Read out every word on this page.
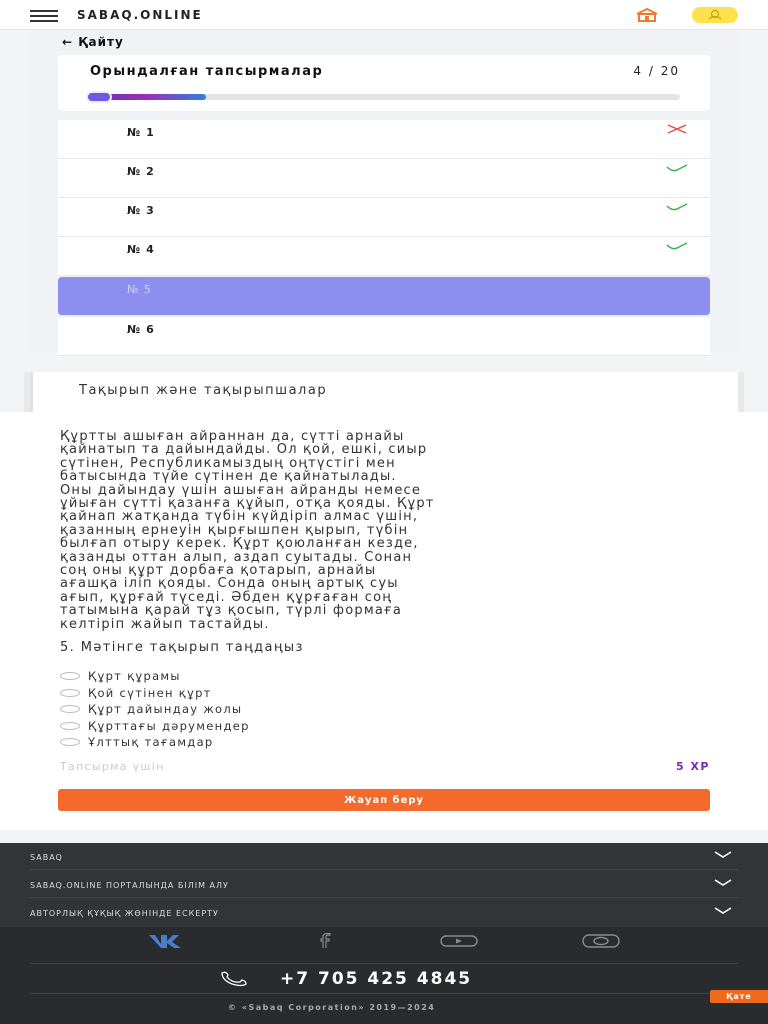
SABAQ.ONLINE
← Қайту
Орындалған тапсырмалар	4 / 20
№ 1
№ 2
№ 3
№ 4
№ 5
№ 6
Тақырып және тақырыпшалар
Құртты ашыған айраннан да, сүтті арнайы
қайнатып та дайындайды. Ол қой, ешкі, сиыр
сүтінен, Республикамыздың оңтүстігі мен
батысында түйе сүтінен де қайнатылады.
Оны дайындау үшін ашыған айранды немесе
ұйыған сүтті қазанға құйып, отқа қояды. Құрт
қайнап жатқанда түбін күйдіріп алмас үшін,
қазанның ернеуін қырғышпен қырып, түбін
былғап отыру керек. Құрт қоюланған кезде,
қазанды оттан алып, аздап суытады. Сонан
соң оны құрт дорбаға қотарып, арнайы
ағашқа іліп қояды. Сонда оның артық суы
ағып, құрғай түседі. Әбден құрғаған соң
татымына қарай тұз қосып, түрлі формаға
келтіріп жайып тастайды.
5. Мәтінге тақырып таңдаңыз
Құрт құрамы
Қой сүтінен құрт
Құрт дайындау жолы
Құрттағы дәрумендер
Ұлттық тағамдар
Тапсырма үшін	5 XP
Жауап беру
SABAQ
SABAQ.ONLINE ПОРТАЛЫНДА БІЛІМ АЛУ
АВТОРЛЫҚ ҚҰҚЫҚ ЖӨНІНДЕ ЕСКЕРТУ
+7 705 425 4845
© «Sabaq Corporation» 2019—2024
Қате
